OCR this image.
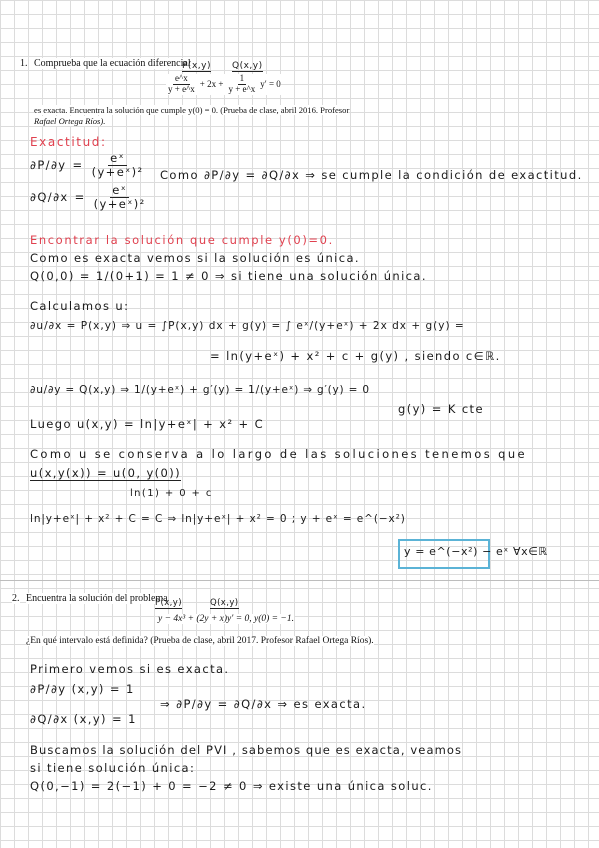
1. Comprueba que la ecuación diferencial
P(x,y) Q(x,y)
$\frac{e\^{}x}{y + e\^{}x} + 2x + \frac{1}{y + e\^{}x} y' = 0$
es exacta. Encuentra la solución que cumple y(0) = 0. (Prueba de clase, abril 2016. Profesor
Rafael Ortega Ríos).
Exactitud:
$\partial P/\partial y = \frac{\text{eˣ}}{\text{(y+eˣ)²}}$
$\partial Q/\partial x = \frac{\text{eˣ}}{\text{(y+eˣ)²}}$
Como ∂P/∂y = ∂Q/∂x ⇒ se cumple la condición de exactitud.
Encontrar la solución que cumple y(0)=0.
Como es exacta vemos si la solución es única.
Q(0,0) = 1/(0+1) = 1 ≠ 0 ⇒ si tiene una solución única.
Calculamos u:
∂u/∂x = P(x,y) ⇒ u = ∫P(x,y) dx + g(y) = ∫ eˣ/(y+eˣ) + 2x dx + g(y) =
= ln(y+eˣ) + x² + c + g(y) , siendo c∈ℝ.
∂u/∂y = Q(x,y) ⇒ 1/(y+eˣ) + g′(y) = 1/(y+eˣ) ⇒ g′(y) = 0
g(y) = K cte
Luego u(x,y) = ln|y+eˣ| + x² + C
Como u se conserva a lo largo de las soluciones tenemos que
u(x,y(x)) = u(0, y(0))
ln(1) + 0 + c
ln|y+eˣ| + x² + C = C ⇒ ln|y+eˣ| + x² = 0 ; y + eˣ = e^(−x²)
y = e^(−x²) − eˣ ∀x∈ℝ
2. Encuentra la solución del problema
P(x,y)	Q(x,y)
y − 4x³ + (2y + x)y′ = 0, y(0) = −1.
¿En qué intervalo está definida? (Prueba de clase, abril 2017. Profesor Rafael Ortega Ríos).
Primero vemos si es exacta.
∂P/∂y (x,y) = 1
∂Q/∂x (x,y) = 1
⇒ ∂P/∂y = ∂Q/∂x ⇒ es exacta.
Buscamos la solución del PVI , sabemos que es exacta, veamos
si tiene solución única:
Q(0,−1) = 2(−1) + 0 = −2 ≠ 0 ⇒ existe una única soluc.
